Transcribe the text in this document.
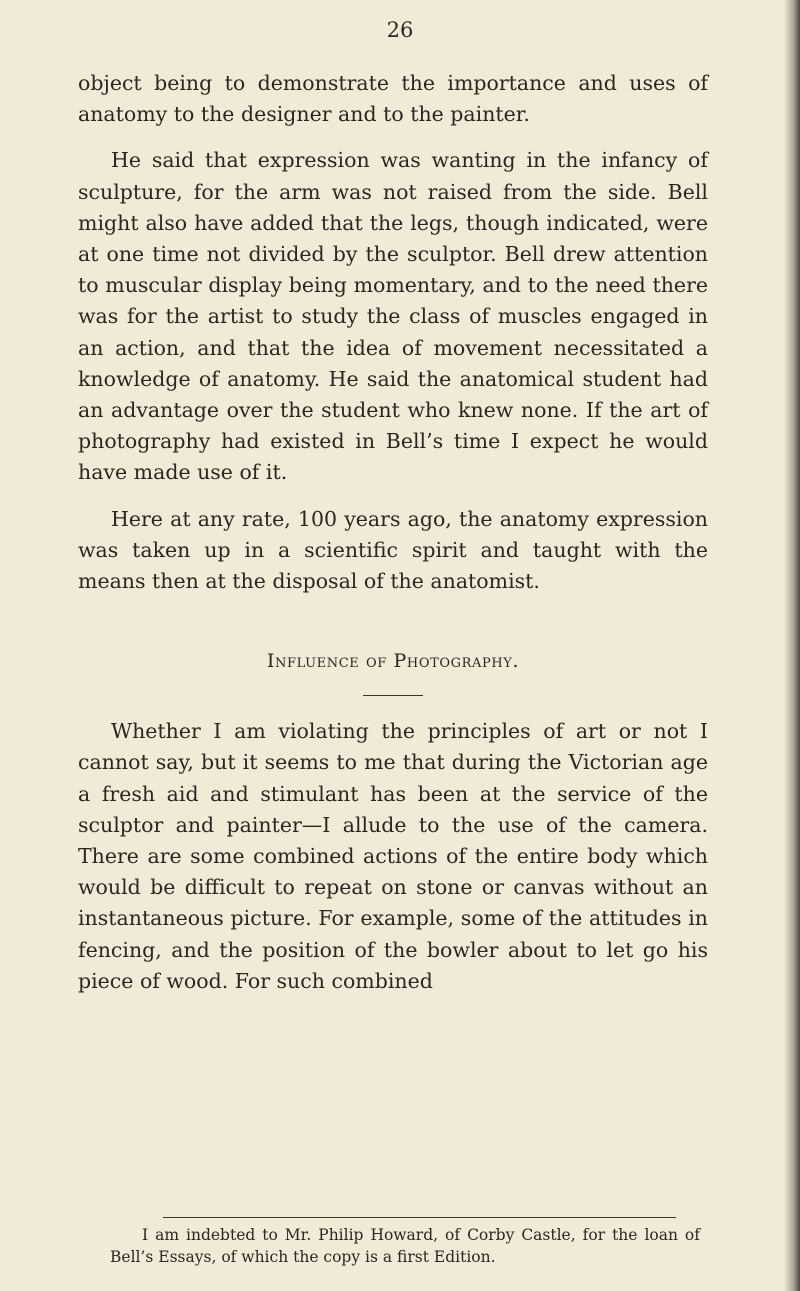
26

object being to demonstrate the importance and uses of anatomy to the designer and to the painter.

He said that expression was wanting in the infancy of sculpture, for the arm was not raised from the side. Bell might also have added that the legs, though indicated, were at one time not divided by the sculptor. Bell drew attention to muscular display being momentary, and to the need there was for the artist to study the class of muscles engaged in an action, and that the idea of movement necessitated a knowledge of anatomy. He said the anatomical student had an advantage over the student who knew none. If the art of photography had existed in Bell’s time I expect he would have made use of it.

Here at any rate, 100 years ago, the anatomy expression was taken up in a scientific spirit and taught with the means then at the disposal of the anatomist.

Influence of Photography.

Whether I am violating the principles of art or not I cannot say, but it seems to me that during the Victorian age a fresh aid and stimulant has been at the service of the sculptor and painter—I allude to the use of the camera. There are some combined actions of the entire body which would be difficult to repeat on stone or canvas without an instantaneous picture. For example, some of the attitudes in fencing, and the position of the bowler about to let go his piece of wood. For such combined

I am indebted to Mr. Philip Howard, of Corby Castle, for the loan of Bell’s Essays, of which the copy is a first Edition.
